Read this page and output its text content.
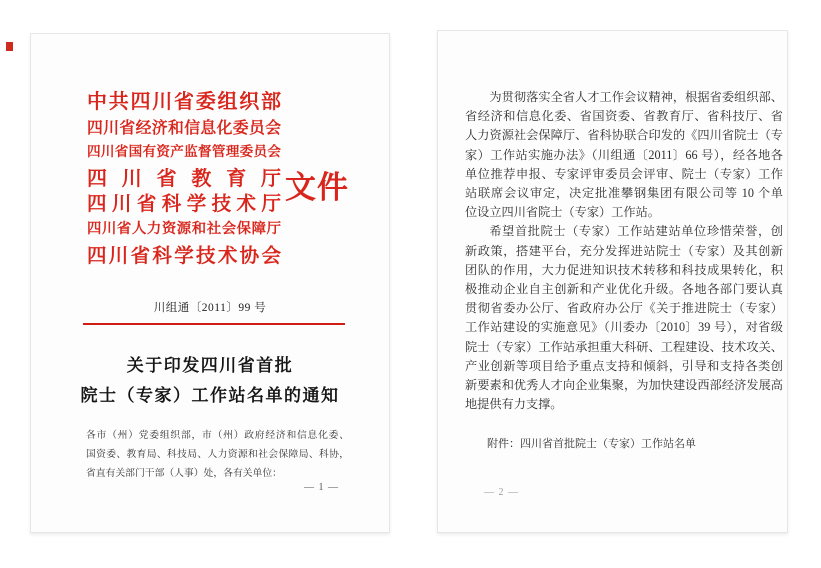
中共四川省委组织部
四川省经济和信息化委员会
四川省国有资产监督管理委员会
四川省教育厅
四川省科学技术厅
四川省人力资源和社会保障厅
四川省科学技术协会
文件
川组通〔2011〕99 号
关于印发四川省首批
院士（专家）工作站名单的通知
各市（州）党委组织部，市（州）政府经济和信息化委、
国资委、教育局、科技局、人力资源和社会保障局、科协，
省直有关部门干部（人事）处，各有关单位：
— 1 —
为贯彻落实全省人才工作会议精神，根据省委组织部、
省经济和信息化委、省国资委、省教育厅、省科技厅、省
人力资源社会保障厅、省科协联合印发的《四川省院士（专
家）工作站实施办法》（川组通〔2011〕66 号），经各地各
单位推荐申报、专家评审委员会评审、院士（专家）工作
站联席会议审定，决定批准攀钢集团有限公司等 10 个单
位设立四川省院士（专家）工作站。
希望首批院士（专家）工作站建站单位珍惜荣誉，创
新政策，搭建平台，充分发挥进站院士（专家）及其创新
团队的作用，大力促进知识技术转移和科技成果转化，积
极推动企业自主创新和产业优化升级。各地各部门要认真
贯彻省委办公厅、省政府办公厅《关于推进院士（专家）
工作站建设的实施意见》（川委办〔2010〕39 号），对省级
院士（专家）工作站承担重大科研、工程建设、技术攻关、
产业创新等项目给予重点支持和倾斜，引导和支持各类创
新要素和优秀人才向企业集聚，为加快建设西部经济发展高
地提供有力支撑。
附件：四川省首批院士（专家）工作站名单
— 2 —
